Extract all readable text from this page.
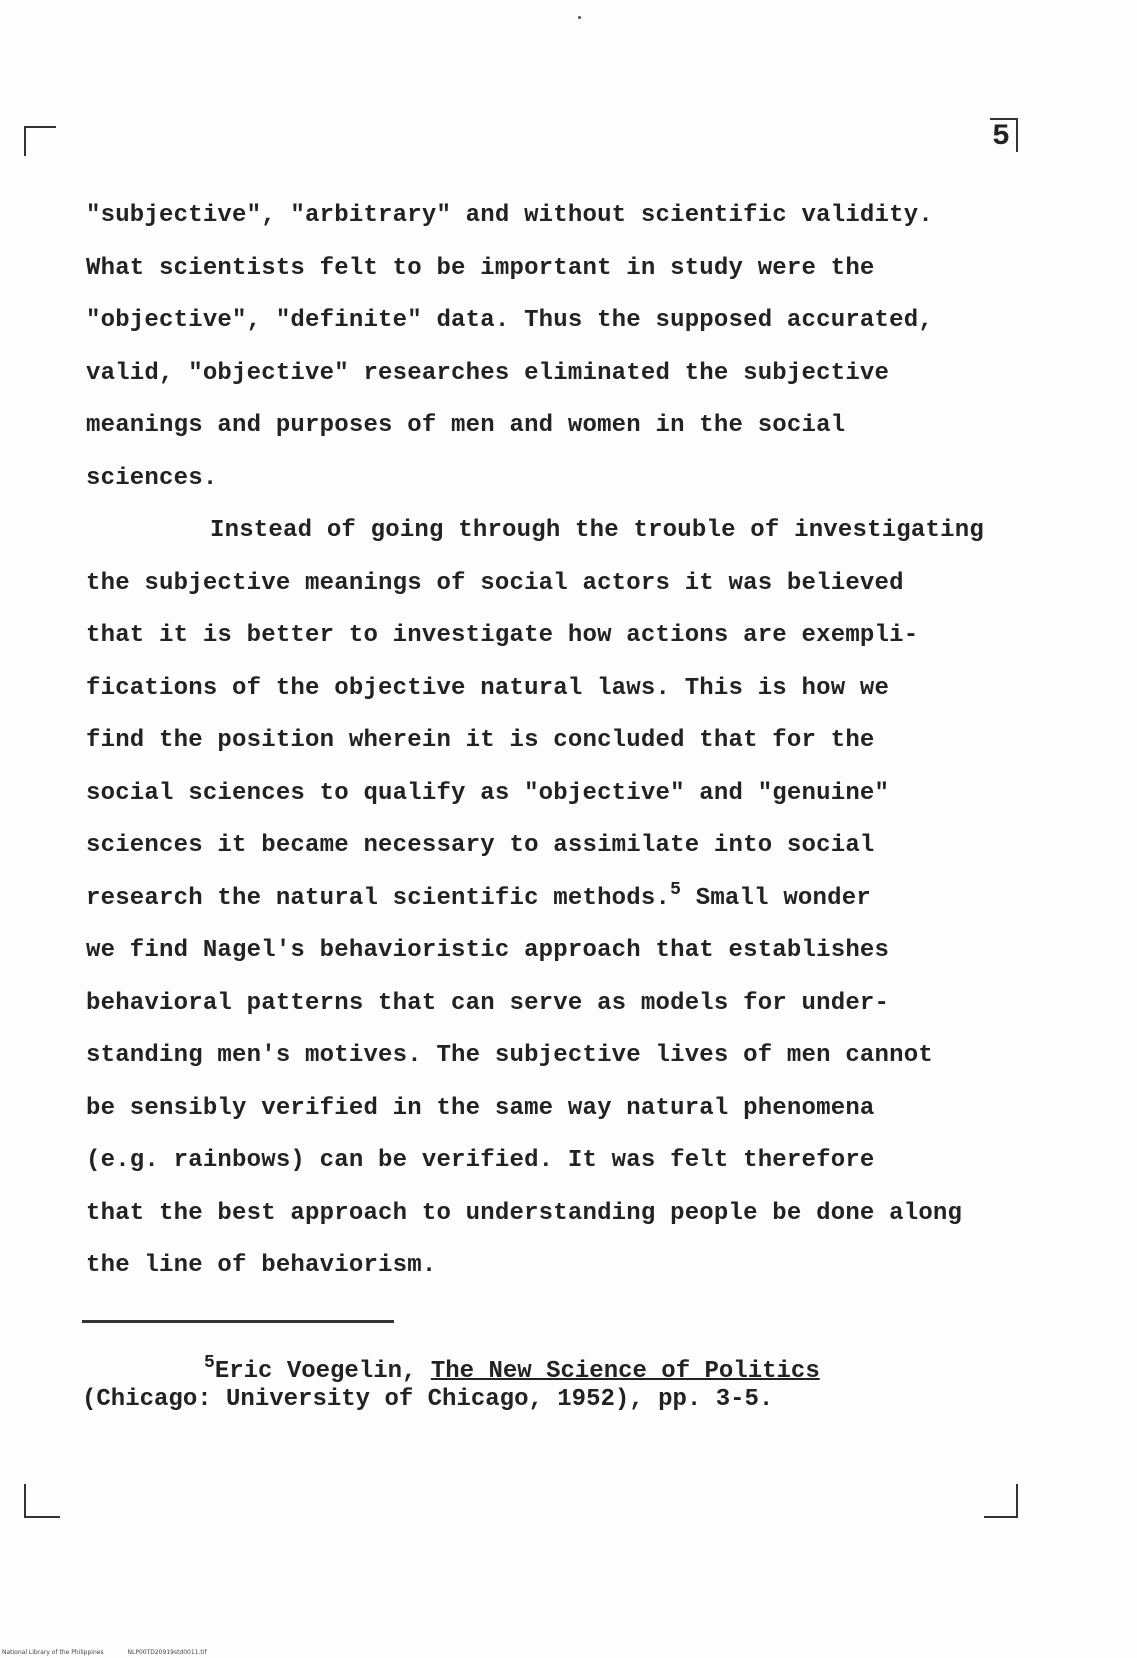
5
"subjective", "arbitrary" and without scientific validity.
What scientists felt to be important in study were the
"objective", "definite" data. Thus the supposed accurated,
valid, "objective" researches eliminated the subjective
meanings and purposes of men and women in the social
sciences.
Instead of going through the trouble of investigating
the subjective meanings of social actors it was believed
that it is better to investigate how actions are exempli-
fications of the objective natural laws. This is how we
find the position wherein it is concluded that for the
social sciences to qualify as "objective" and "genuine"
sciences it became necessary to assimilate into social
research the natural scientific methods.$^5$ Small wonder
we find Nagel's behavioristic approach that establishes
behavioral patterns that can serve as models for under-
standing men's motives. The subjective lives of men cannot
be sensibly verified in the same way natural phenomena
(e.g. rainbows) can be verified. It was felt therefore
that the best approach to understanding people be done along
the line of behaviorism.
$^5$Eric Voegelin, The New Science of Politics
(Chicago: University of Chicago, 1952), pp. 3-5.
National Library of the Philippines	NLP00TD20919std0011.tif
